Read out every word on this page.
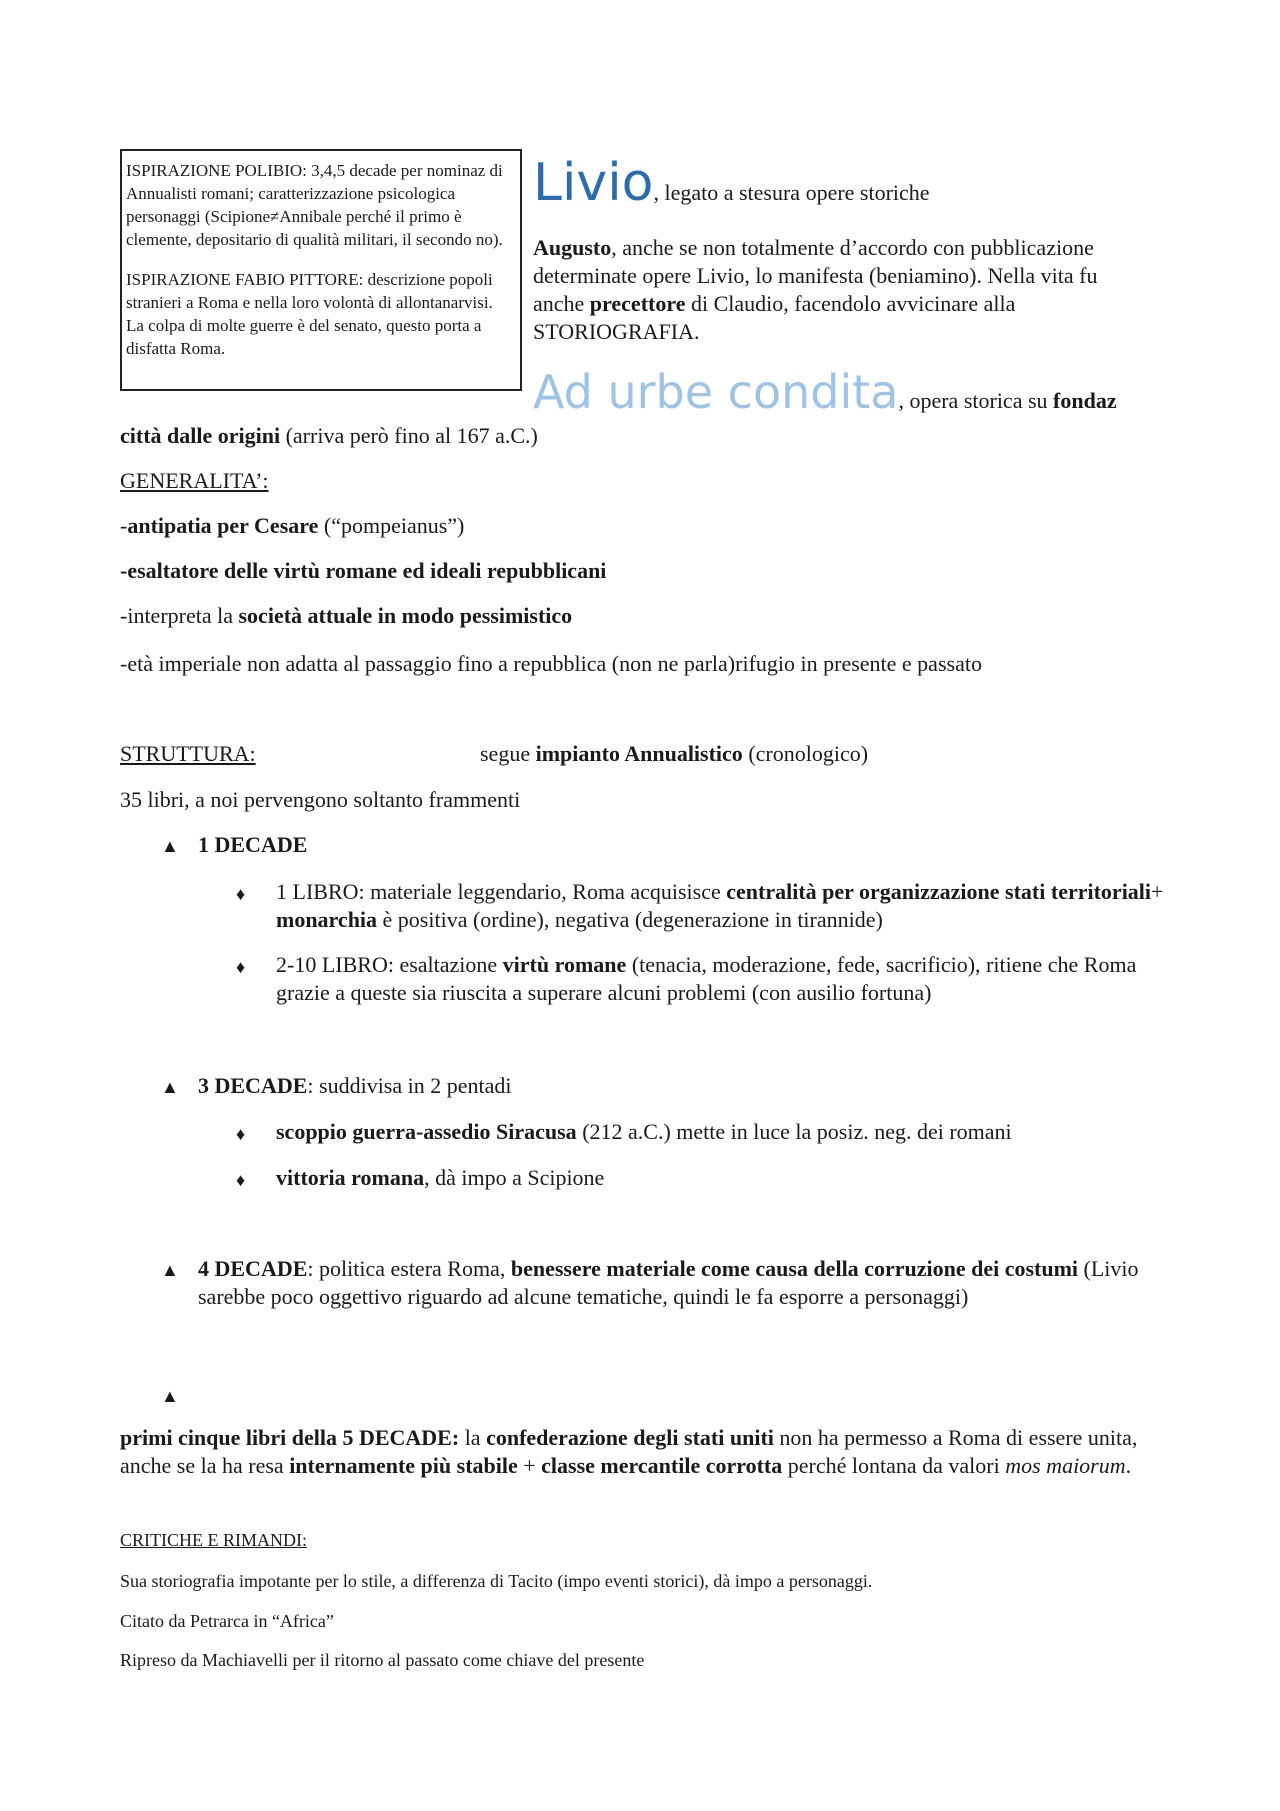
ISPIRAZIONE POLIBIO: 3,4,5 decade per nominaz di Annualisti romani; caratterizzazione psicologica personaggi (Scipione≠Annibale perché il primo è clemente, depositario di qualità militari, il secondo no).

ISPIRAZIONE FABIO PITTORE: descrizione popoli stranieri a Roma e nella loro volontà di allontanarvisi. La colpa di molte guerre è del senato, questo porta a disfatta Roma.

Livio, legato a stesura opere storiche
Augusto, anche se non totalmente d’accordo con pubblicazione determinate opere Livio, lo manifesta (beniamino). Nella vita fu anche precettore di Claudio, facendolo avvicinare alla STORIOGRAFIA.
Ad urbe condita, opera storica su fondaz
città dalle origini (arriva però fino al 167 a.C.)
GENERALITA’:
-antipatia per Cesare (“pompeianus”)
-esaltatore delle virtù romane ed ideali repubblicani
-interpreta la società attuale in modo pessimistico
-età imperiale non adatta al passaggio fino a repubblica (non ne parla)rifugio in presente e passato
STRUTTURA:	segue impianto Annualistico (cronologico)
35 libri, a noi pervengono soltanto frammenti
▲ 1 DECADE
♦ 1 LIBRO: materiale leggendario, Roma acquisisce centralità per organizzazione stati territoriali+ monarchia è positiva (ordine), negativa (degenerazione in tirannide)
♦ 2-10 LIBRO: esaltazione virtù romane (tenacia, moderazione, fede, sacrificio), ritiene che Roma grazie a queste sia riuscita a superare alcuni problemi (con ausilio fortuna)
▲ 3 DECADE: suddivisa in 2 pentadi
♦ scoppio guerra-assedio Siracusa (212 a.C.) mette in luce la posiz. neg. dei romani
♦ vittoria romana, dà impo a Scipione
▲ 4 DECADE: politica estera Roma, benessere materiale come causa della corruzione dei costumi (Livio sarebbe poco oggettivo riguardo ad alcune tematiche, quindi le fa esporre a personaggi)
▲
primi cinque libri della 5 DECADE: la confederazione degli stati uniti non ha permesso a Roma di essere unita, anche se la ha resa internamente più stabile + classe mercantile corrotta perché lontana da valori mos maiorum.
CRITICHE E RIMANDI:
Sua storiografia impotante per lo stile, a differenza di Tacito (impo eventi storici), dà impo a personaggi.
Citato da Petrarca in “Africa”
Ripreso da Machiavelli per il ritorno al passato come chiave del presente
